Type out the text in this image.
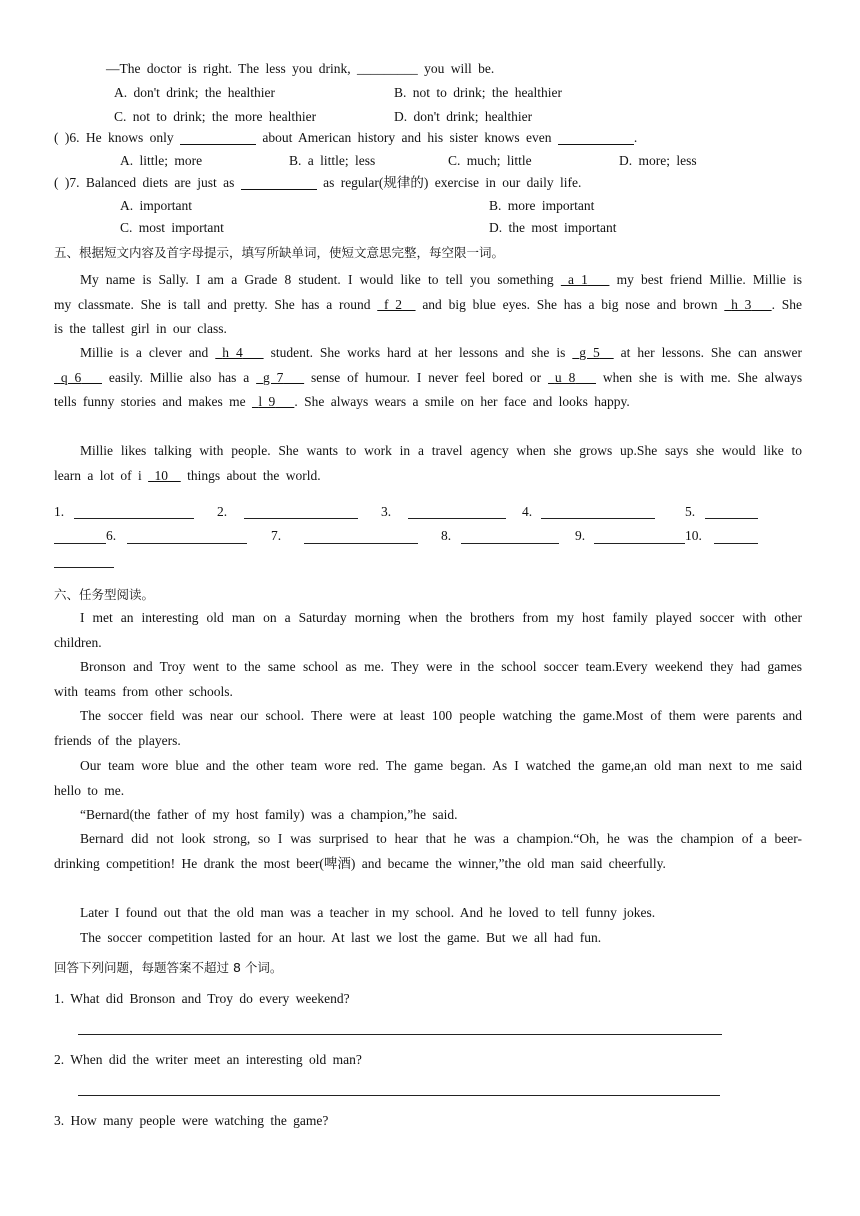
—The doctor is right. The less you drink, _________ you will be.
A. don't drink; the healthier	B. not to drink; the healthier
C. not to drink; the more healthier	D. don't drink; healthier
( )6. He knows only	about American history and his sister knows even	.
A. little; more	B. a little; less	C. much; little	D. more; less
( )7. Balanced diets are just as	as regular(规律的) exercise in our daily life.
A. important	B. more important
C. most important	D. the most important
五、根据短文内容及首字母提示，填写所缺单词，使短文意思完整，每空限一词。
My name is Sally. I am a Grade 8 student. I would like to tell you something a 1 my best friend Millie. Millie is my classmate. She is tall and pretty. She has a round f 2 and big blue eyes. She has a big nose and brown h 3 . She is the tallest girl in our class.
Millie is a clever and h 4 student. She works hard at her lessons and she is g 5 at her lessons. She can answer  q 6 easily. Millie also has a g 7 sense of humour. I never feel bored or u 8 when she is with me. She always tells funny stories and makes me l 9 . She always wears a smile on her face and looks happy.
Millie likes talking with people. She wants to work in a travel agency when she grows up.She says she would like to learn a lot of i 10 things about the world.
1.	2.	3.	4.	5.
6.	7.	8.	9.	10.
六、任务型阅读。
I met an interesting old man on a Saturday morning when the brothers from my host family played soccer with other children.
Bronson and Troy went to the same school as me. They were in the school soccer team.Every weekend they had games with teams from other schools.
The soccer field was near our school. There were at least 100 people watching the game.Most of them were parents and friends of the players.
Our team wore blue and the other team wore red. The game began. As I watched the game,an old man next to me said hello to me.
“Bernard(the father of my host family) was a champion,”he said.
Bernard did not look strong, so I was surprised to hear that he was a champion.“Oh, he was the champion of a beer-drinking competition! He drank the most beer(啤酒) and became the winner,”the old man said cheerfully.
Later I found out that the old man was a teacher in my school. And he loved to tell funny jokes.
The soccer competition lasted for an hour. At last we lost the game. But we all had fun.
回答下列问题，每题答案不超过 8 个词。
1. What did Bronson and Troy do every weekend?
2. When did the writer meet an interesting old man?
3. How many people were watching the game?
